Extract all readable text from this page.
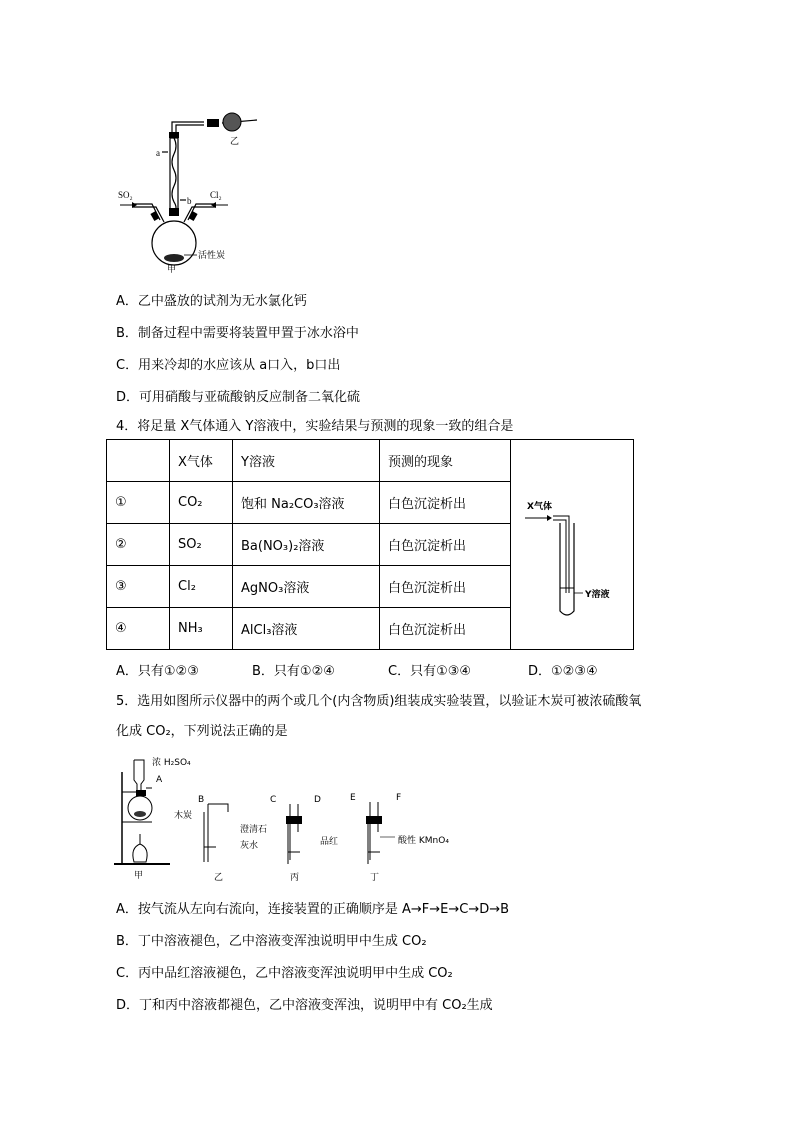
SO₂	Cl₂
乙
a
b
甲
活性炭
A．乙中盛放的试剂为无水氯化钙
B．制备过程中需要将装置甲置于冰水浴中
C．用来冷却的水应该从 a口入，b口出
D．可用硝酸与亚硫酸钠反应制备二氧化硫
4．将足量 X气体通入 Y溶液中，实验结果与预测的现象一致的组合是
	X气体	Y溶液	预测的现象	X气体
Y溶液

①	CO₂	饱和 Na₂CO₃溶液	白色沉淀析出	
②	SO₂	Ba(NO₃)₂溶液	白色沉淀析出	
③	Cl₂	AgNO₃溶液	白色沉淀析出	
④	NH₃	AlCl₃溶液	白色沉淀析出	
A．只有①②③	B．只有①②④	C．只有①③④	D．①②③④
5．选用如图所示仪器中的两个或几个(内含物质)组装成实验装置，以验证木炭可被浓硫酸氧
化成 CO₂，下列说法正确的是
浓 H₂SO₄
A
木炭
B
澄清石
灰水
C	D
品红
E	F
酸性 KMnO₄
甲	乙	丙	丁
A．按气流从左向右流向，连接装置的正确顺序是 A→F→E→C→D→B
B．丁中溶液褪色，乙中溶液变浑浊说明甲中生成 CO₂
C．丙中品红溶液褪色，乙中溶液变浑浊说明甲中生成 CO₂
D．丁和丙中溶液都褪色，乙中溶液变浑浊，说明甲中有 CO₂生成
